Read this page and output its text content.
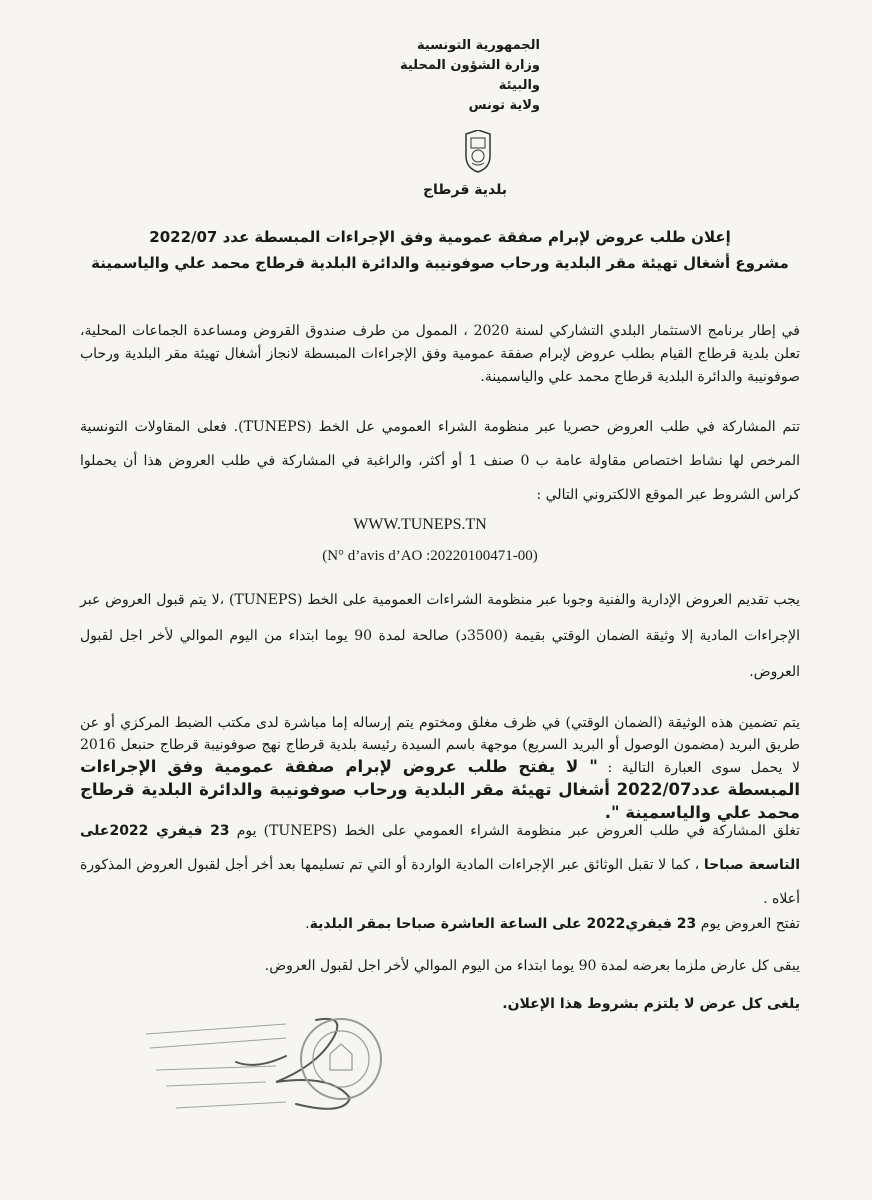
الجمهورية التونسية
وزارة الشؤون المحلية والبيئة
ولاية تونس
بلدية قرطاج
إعلان طلب عروض لإبرام صفقة عمومية وفق الإجراءات المبسطة عدد 2022/07
مشروع أشغال تهيئة مقر البلدية ورحاب صوفونيبة والدائرة البلدية قرطاج محمد علي والياسمينة
في إطار برنامج الاستثمار البلدي التشاركي لسنة 2020 ، الممول من طرف صندوق القروض ومساعدة الجماعات المحلية، تعلن بلدية قرطاج القيام بطلب عروض لإبرام صفقة عمومية وفق الإجراءات المبسطة لانجاز أشغال تهيئة مقر البلدية ورحاب صوفونيبة والدائرة البلدية قرطاج محمد علي والياسمينة.
تتم المشاركة في طلب العروض حصريا عبر منظومة الشراء العمومي عل الخط (TUNEPS). فعلى المقاولات التونسية المرخص لها نشاط اختصاص مقاولة عامة ب 0 صنف 1 أو أكثر، والراغبة في المشاركة في طلب العروض هذا أن يحملوا كراس الشروط عبر الموقع الالكتروني التالي :
WWW.TUNEPS.TN
(N° d’avis d’AO :20220100471-00)
يجب تقديم العروض الإدارية والفنية وجوبا عبر منظومة الشراءات العمومية على الخط (TUNEPS) ،لا يتم قبول العروض عبر الإجراءات المادية إلا وثيقة الضمان الوقتي بقيمة (3500د) صالحة لمدة 90 يوما ابتداء من اليوم الموالي لأخر اجل لقبول العروض.
يتم تضمين هذه الوثيقة (الضمان الوقتي) في ظرف مغلق ومختوم يتم إرساله إما مباشرة لدى مكتب الضبط المركزي أو عن طريق البريد (مضمون الوصول أو البريد السريع) موجهة باسم السيدة رئيسة بلدية قرطاج نهج صوفونيبة قرطاج حنبعل 2016 لا يحمل سوى العبارة التالية : " لا يفتح طلب عروض لإبرام صفقة عمومية وفق الإجراءات المبسطة عدد2022/07 أشغال تهيئة مقر البلدية ورحاب صوفونيبة والدائرة البلدية قرطاج محمد علي والياسمينة ".
تغلق المشاركة في طلب العروض عبر منظومة الشراء العمومي على الخط (TUNEPS) يوم 23 فيفري 2022على التاسعة صباحا ، كما لا تقبل الوثائق عبر الإجراءات المادية الواردة أو التي تم تسليمها بعد أخر أجل لقبول العروض المذكورة أعلاه .
تفتح العروض يوم 23 فيفري2022 على الساعة العاشرة صباحا بمقر البلدية.
يبقى كل عارض ملزما بعرضه لمدة 90 يوما ابتداء من اليوم الموالي لأخر اجل لقبول العروض.
يلغى كل عرض لا يلتزم بشروط هذا الإعلان.
